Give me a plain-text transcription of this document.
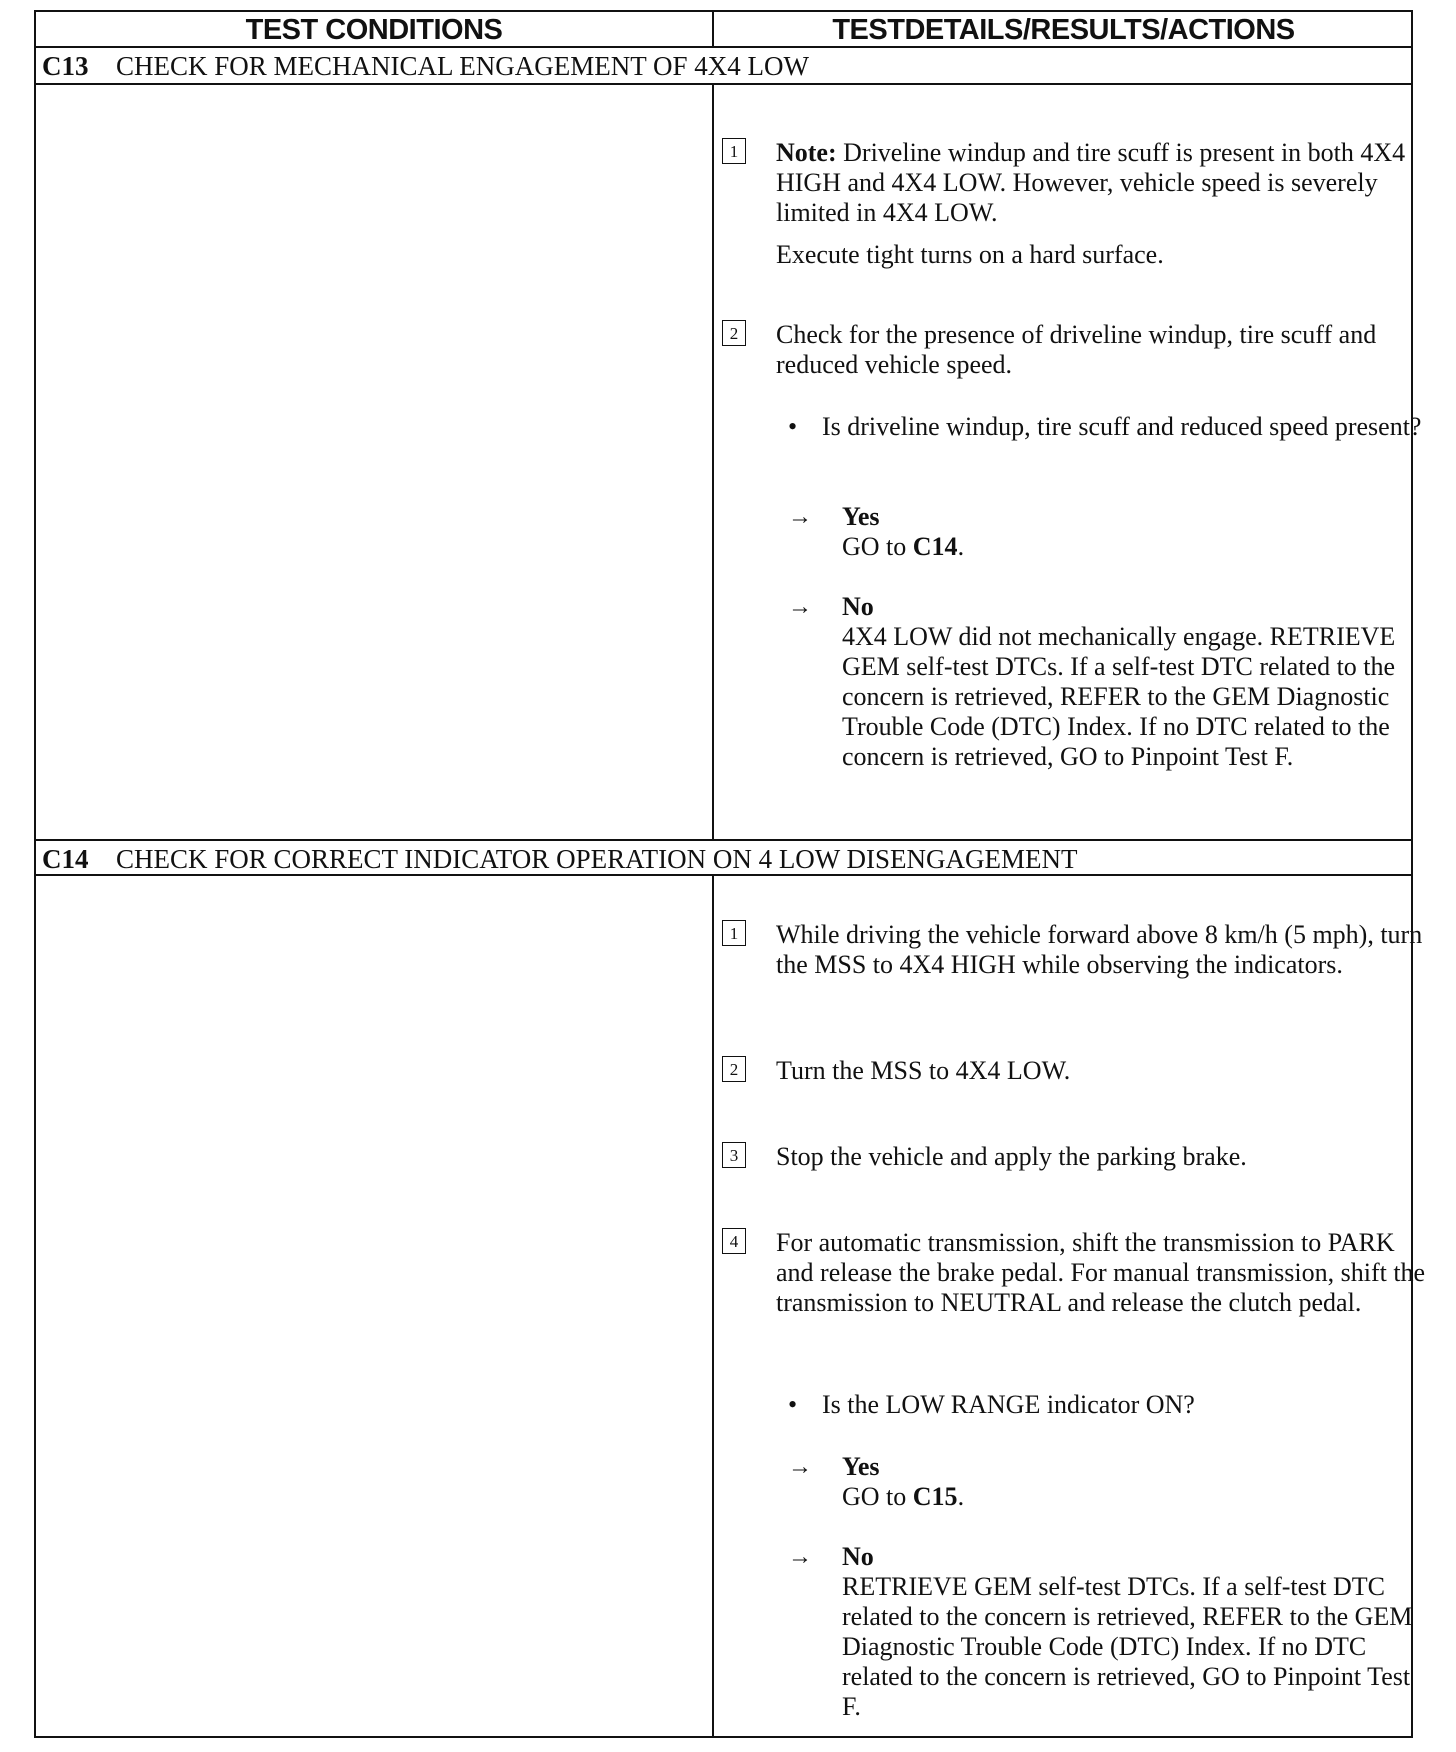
TEST CONDITIONS	TESTDETAILS/RESULTS/ACTIONS
C13 CHECK FOR MECHANICAL ENGAGEMENT OF 4X4 LOW
1 Note: Driveline windup and tire scuff is present in both 4X4 HIGH and 4X4 LOW. However, vehicle speed is severely limited in 4X4 LOW.
Execute tight turns on a hard surface.
2 Check for the presence of driveline windup, tire scuff and reduced vehicle speed.
• Is driveline windup, tire scuff and reduced speed present?
→ Yes
GO to C14.
→ No
4X4 LOW did not mechanically engage. RETRIEVE GEM self-test DTCs. If a self-test DTC related to the concern is retrieved, REFER to the GEM Diagnostic Trouble Code (DTC) Index. If no DTC related to the concern is retrieved, GO to Pinpoint Test F.
C14 CHECK FOR CORRECT INDICATOR OPERATION ON 4 LOW DISENGAGEMENT
1 While driving the vehicle forward above 8 km/h (5 mph), turn the MSS to 4X4 HIGH while observing the indicators.
2 Turn the MSS to 4X4 LOW.
3 Stop the vehicle and apply the parking brake.
4 For automatic transmission, shift the transmission to PARK and release the brake pedal. For manual transmission, shift the transmission to NEUTRAL and release the clutch pedal.
• Is the LOW RANGE indicator ON?
→ Yes
GO to C15.
→ No
RETRIEVE GEM self-test DTCs. If a self-test DTC related to the concern is retrieved, REFER to the GEM Diagnostic Trouble Code (DTC) Index. If no DTC related to the concern is retrieved, GO to Pinpoint Test F.
